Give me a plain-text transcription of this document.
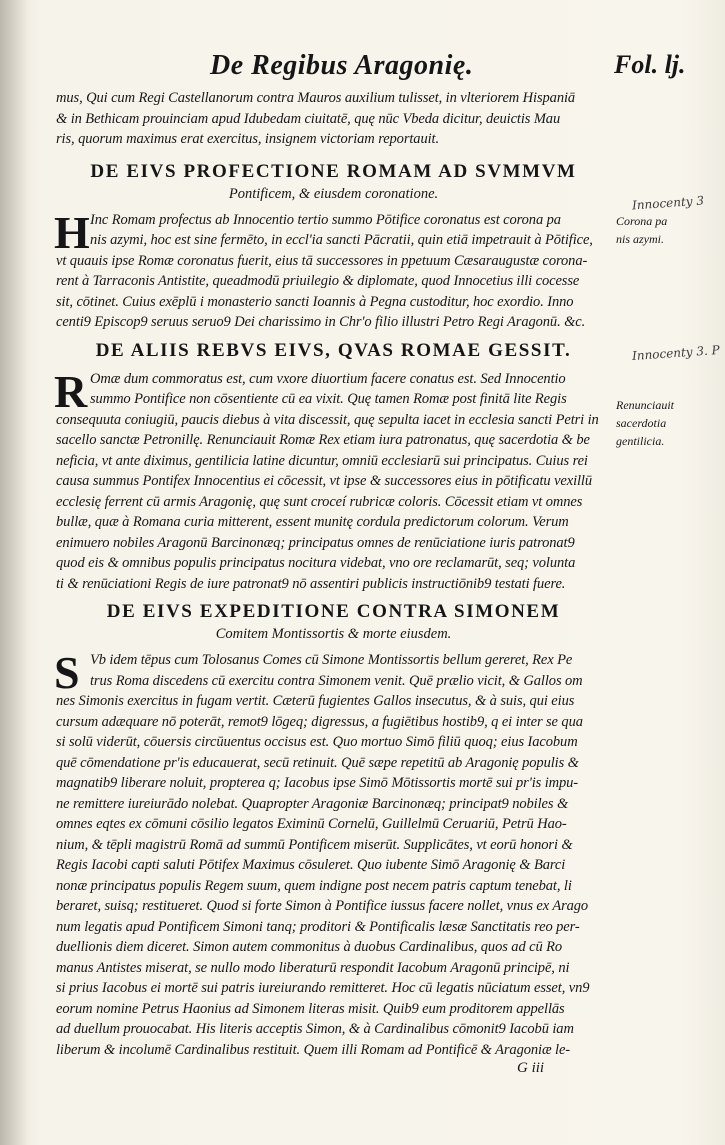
De Regibus Aragonię.	Fol. lj.

mus, Qui cum Regi Castellanorum contra Mauros auxilium tulisset, in vlteriorem Hispaniā

& in Bethicam prouinciam apud Idubedam ciuitatē, quę nūc Vbeda dicitur, deuictis Mau

ris, quorum maximus erat exercitus, insignem victoriam reportauit.

DE EIVS PROFECTIONE ROMAM AD SVMMVM
Pontificem, & eiusdem coronatione.
H Inc Romam profectus ab Innocentio tertio summo Pōtifice coronatus est corona pa

nis azymi, hoc est sine fermēto, in eccl'ia sancti Pācratii, quin etiā impetrauit à Pōtifice,

vt quauis ipse Romæ coronatus fuerit, eius tā successores in ppetuum Cæsaraugustæ corona-

rent à Tarraconis Antistite, queadmodū priuilegio & diplomate, quod Innocetius illi cocesse

sit, cōtinet. Cuius exēplū i monasterio sancti Ioannis à Pegna custoditur, hoc exordio. Inno

centi9 Episcop9 seruus seruo9 Dei charissimo in Chr'o filio illustri Petro Regi Aragonū. &c.

DE ALIIS REBVS EIVS, QVAS ROMAE GESSIT.
R Omæ dum commoratus est, cum vxore diuortium facere conatus est. Sed Innocentio

summo Pontifice non cōsentiente cū ea vixit. Quę tamen Romæ post finitā lite Regis

consequuta coniugiū, paucis diebus à vita discessit, quę sepulta iacet in ecclesia sancti Petri in

sacello sanctæ Petronillę. Renunciauit Romæ Rex etiam iura patronatus, quę sacerdotia & be

neficia, vt ante diximus, gentilicia latine dicuntur, omniū ecclesiarū sui principatus. Cuius rei

causa summus Pontifex Innocentius ei cōcessit, vt ipse & successores eius in pōtificatu vexillū

ecclesię ferrent cū armis Aragonię, quę sunt croceí rubricæ coloris. Cōcessit etiam vt omnes

bullæ, quæ à Romana curia mitterent, essent munitę cordula predictorum colorum. Verum

enimuero nobiles Aragonū Barcinonæq; principatus omnes de renūciatione iuris patronat9

quod eis & omnibus populis principatus nocitura videbat, vno ore reclamarūt, seq; volunta

ti & renūciationi Regis de iure patronat9 nō assentiri publicis instructiōnib9 testati fuere.

DE EIVS EXPEDITIONE CONTRA SIMONEM
Comitem Montissortis & morte eiusdem.
S Vb idem tēpus cum Tolosanus Comes cū Simone Montissortis bellum gereret, Rex Pe

trus Roma discedens cū exercitu contra Simonem venit. Quē prælio vicit, & Gallos om

nes Simonis exercitus in fugam vertit. Cæterū fugientes Gallos insecutus, & à suis, qui eius

cursum adæquare nō poterāt, remot9 lōgeq; digressus, a fugiētibus hostib9, q ei inter se qua

si solū viderūt, cōuersis circūuentus occisus est. Quo mortuo Simō filiū quoq; eius Iacobum

quē cōmendatione pr'is educauerat, secū retinuit. Quē sæpe repetitū ab Aragonię populis &

magnatib9 liberare noluit, propterea q; Iacobus ipse Simō Mōtissortis mortē sui pr'is impu-

ne remittere iureiurādo nolebat. Quapropter Aragoniæ Barcinonæq; principat9 nobiles &

omnes eqtes ex cōmuni cōsilio legatos Eximinū Cornelū, Guillelmū Ceruariū, Petrū Hao-

nium, & tēpli magistrū Romā ad summū Pontificem miserūt. Supplicātes, vt eorū honori &

Regis Iacobi capti saluti Pōtifex Maximus cōsuleret. Quo iubente Simō Aragonię & Barci

nonæ principatus populis Regem suum, quem indigne post necem patris captum tenebat, li

beraret, suisq; restitueret. Quod si forte Simon à Pontifice iussus facere nollet, vnus ex Arago

num legatis apud Pontificem Simoni tanq; proditori & Pontificalis læsæ Sanctitatis reo per-

duellionis diem diceret. Simon autem commonitus à duobus Cardinalibus, quos ad cū Ro

manus Antistes miserat, se nullo modo liberaturū respondit Iacobum Aragonū principē, ni

si prius Iacobus ei mortē sui patris iureiurando remitteret. Hoc cū legatis nūciatum esset, vn9

eorum nomine Petrus Haonius ad Simonem literas misit. Quib9 eum proditorem appellās

ad duellum prouocabat. His literis acceptis Simon, & à Cardinalibus cōmonit9 Iacobū iam

liberum & incolumē Cardinalibus restituit. Quem illi Romam ad Pontificē & Aragoniæ le-

Innocenty 3
Corona pa
nis azymi.
Innocenty 3. P
Renunciauit
sacerdotia
gentilicia.
G iii
